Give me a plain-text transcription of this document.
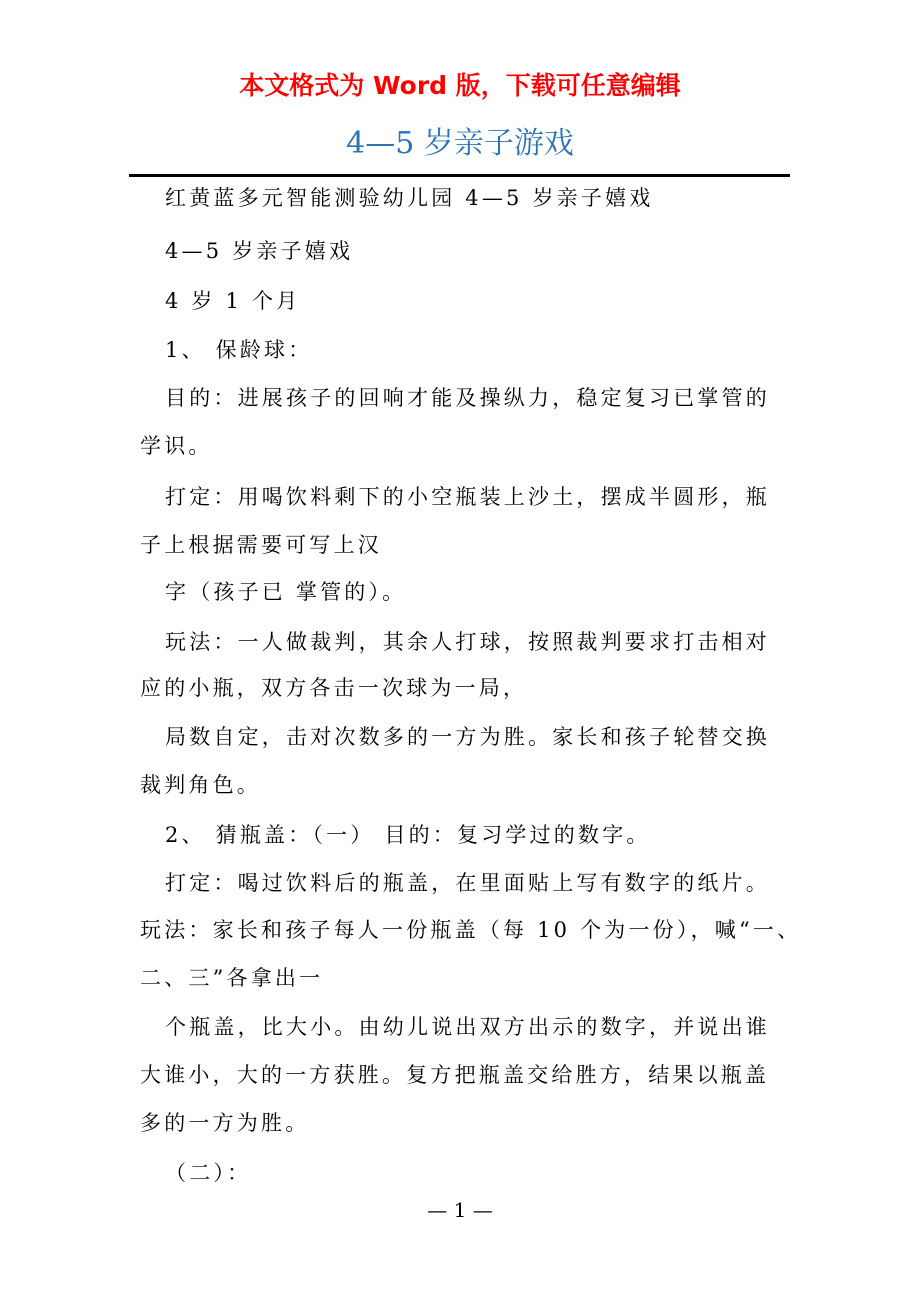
本文格式为 Word 版，下载可任意编辑
4—5 岁亲子游戏
红黄蓝多元智能测验幼儿园 4—5 岁亲子嬉戏
4—5 岁亲子嬉戏
4 岁 1 个月
1、 保龄球：
目的：进展孩子的回响才能及操纵力，稳定复习已掌管的
学识。
打定：用喝饮料剩下的小空瓶装上沙土，摆成半圆形，瓶
子上根据需要可写上汉
字（孩子已 掌管的）。
玩法：一人做裁判，其余人打球，按照裁判要求打击相对
应的小瓶，双方各击一次球为一局，
局数自定，击对次数多的一方为胜。家长和孩子轮替交换
裁判角色。
2、 猜瓶盖：（一） 目的：复习学过的数字。
打定：喝过饮料后的瓶盖，在里面贴上写有数字的纸片。
玩法：家长和孩子每人一份瓶盖（每 10 个为一份），喊“一、
二、三”各拿出一
个瓶盖，比大小。由幼儿说出双方出示的数字，并说出谁
大谁小，大的一方获胜。复方把瓶盖交给胜方，结果以瓶盖
多的一方为胜。
（二）：
— 1 —
